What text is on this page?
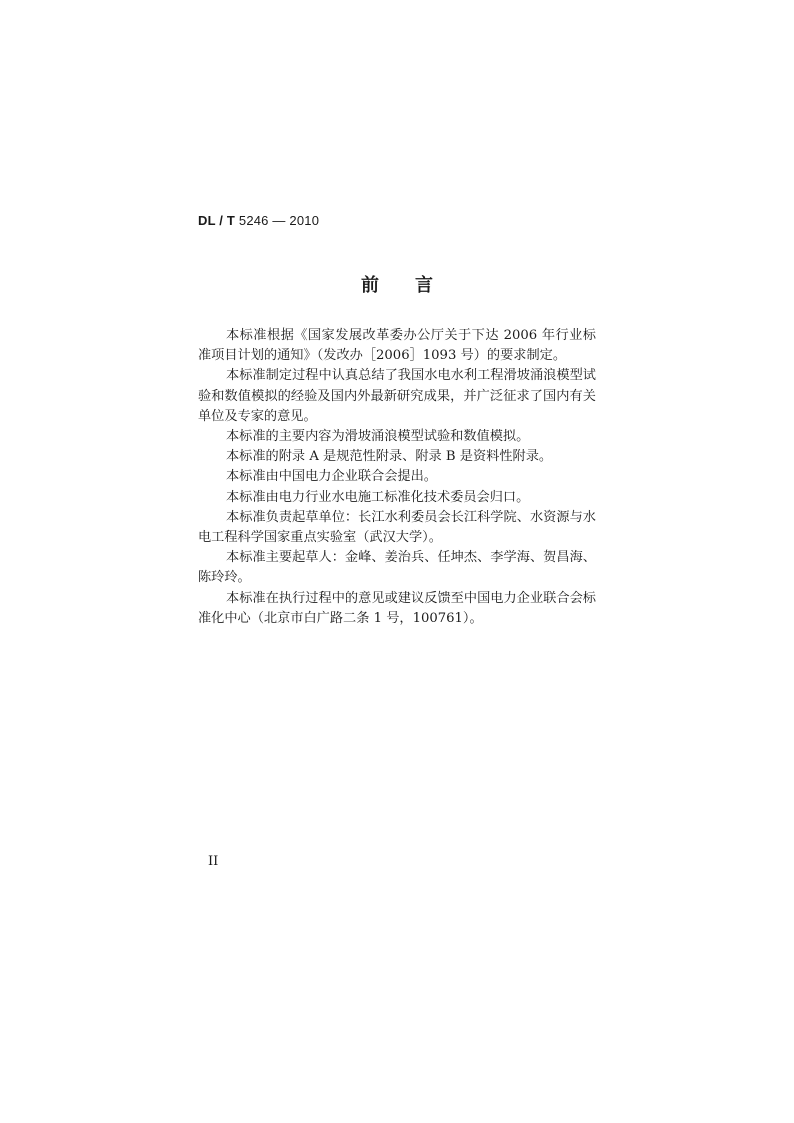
DL / T 5246 — 2010
前 言

本标准根据《国家发展改革委办公厅关于下达 2006 年行业标准项目计划的通知》（发改办［2006］1093 号）的要求制定。

本标准制定过程中认真总结了我国水电水利工程滑坡涌浪模型试验和数值模拟的经验及国内外最新研究成果，并广泛征求了国内有关单位及专家的意见。

本标准的主要内容为滑坡涌浪模型试验和数值模拟。

本标准的附录 A 是规范性附录、附录 B 是资料性附录。

本标准由中国电力企业联合会提出。

本标准由电力行业水电施工标准化技术委员会归口。

本标准负责起草单位：长江水利委员会长江科学院、水资源与水电工程科学国家重点实验室（武汉大学）。

本标准主要起草人：金峰、姜治兵、任坤杰、李学海、贺昌海、陈玲玲。

本标准在执行过程中的意见或建议反馈至中国电力企业联合会标准化中心（北京市白广路二条 1 号，100761）。

II
